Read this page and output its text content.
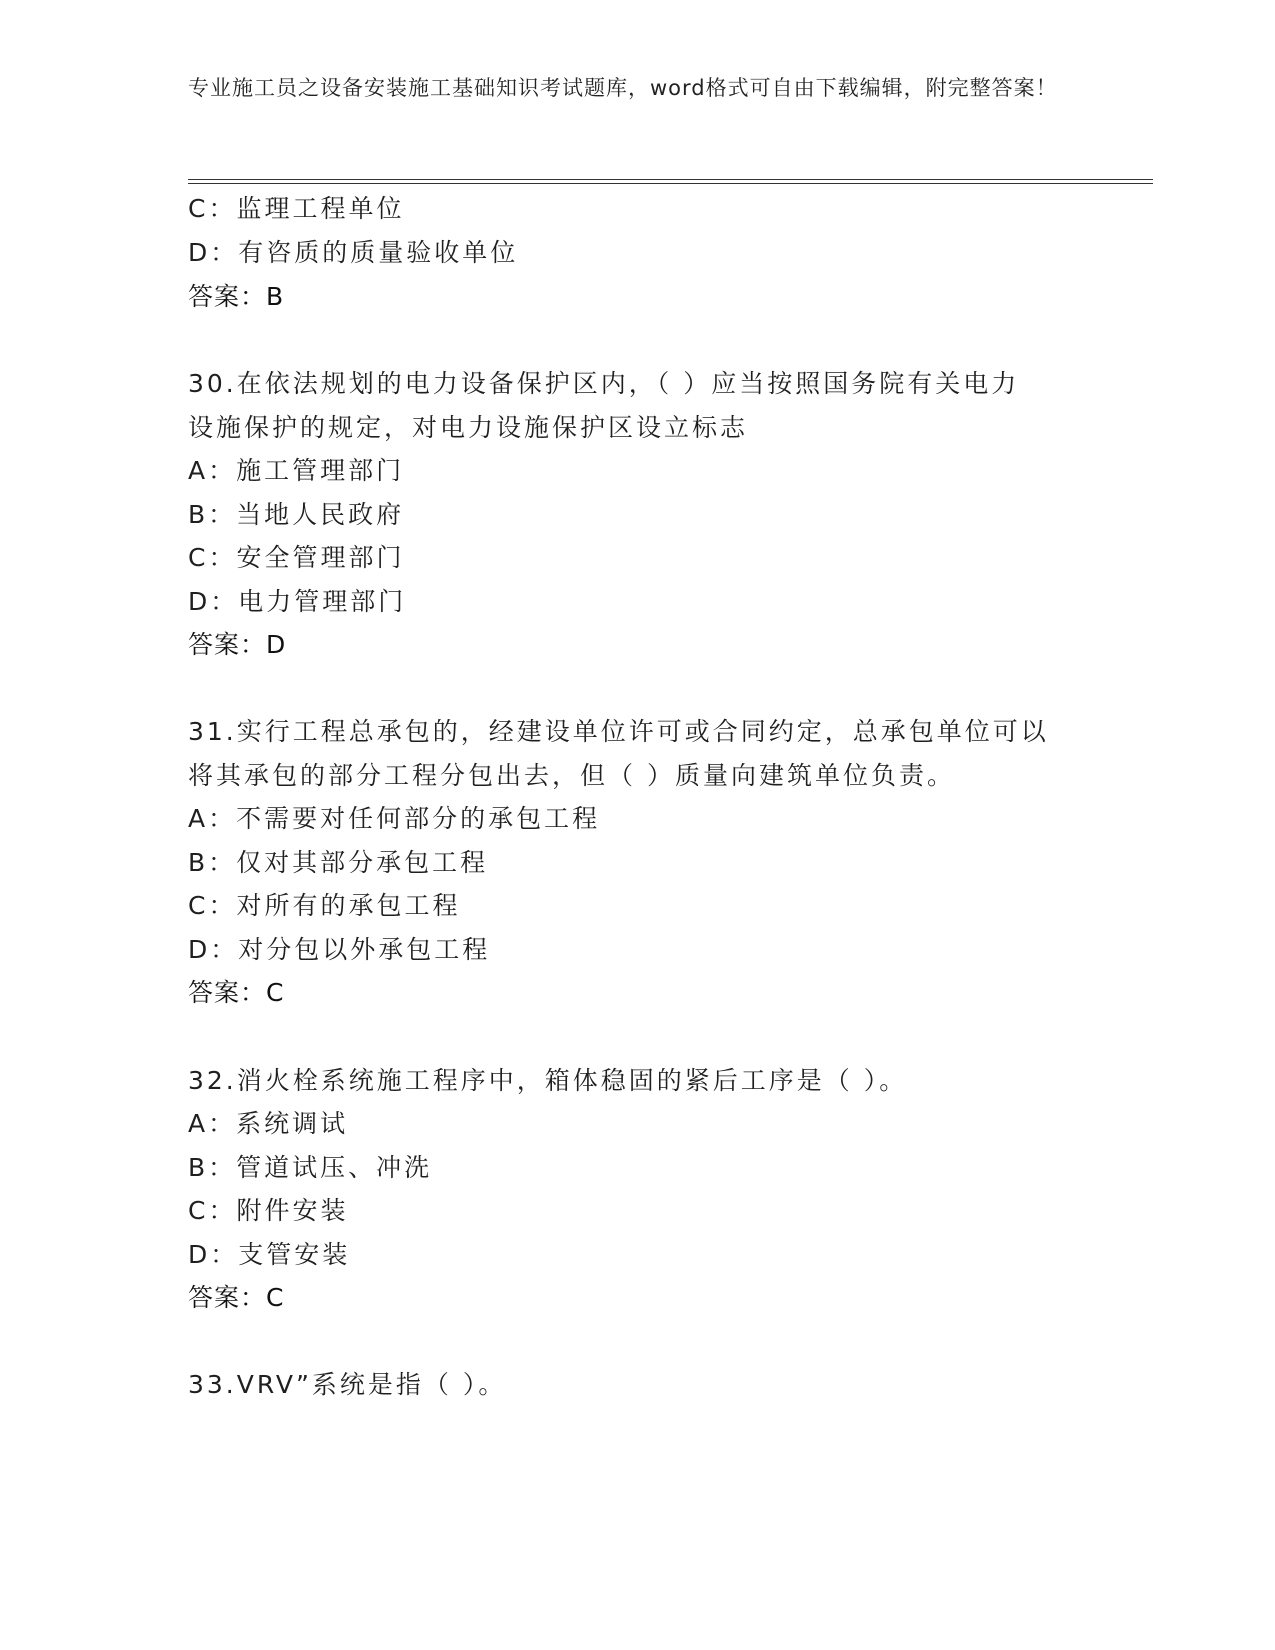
专业施工员之设备安装施工基础知识考试题库，word格式可自由下载编辑，附完整答案！
C：监理工程单位
D：有咨质的质量验收单位
答案：B
30.在依法规划的电力设备保护区内，（ ）应当按照国务院有关电力
设施保护的规定，对电力设施保护区设立标志
A：施工管理部门
B：当地人民政府
C：安全管理部门
D：电力管理部门
答案：D
31.实行工程总承包的，经建设单位许可或合同约定，总承包单位可以
将其承包的部分工程分包出去，但（ ）质量向建筑单位负责。
A：不需要对任何部分的承包工程
B：仅对其部分承包工程
C：对所有的承包工程
D：对分包以外承包工程
答案：C
32.消火栓系统施工程序中，箱体稳固的紧后工序是（ ）。
A：系统调试
B：管道试压、冲洗
C：附件安装
D：支管安装
答案：C
33.VRV”系统是指（ ）。
